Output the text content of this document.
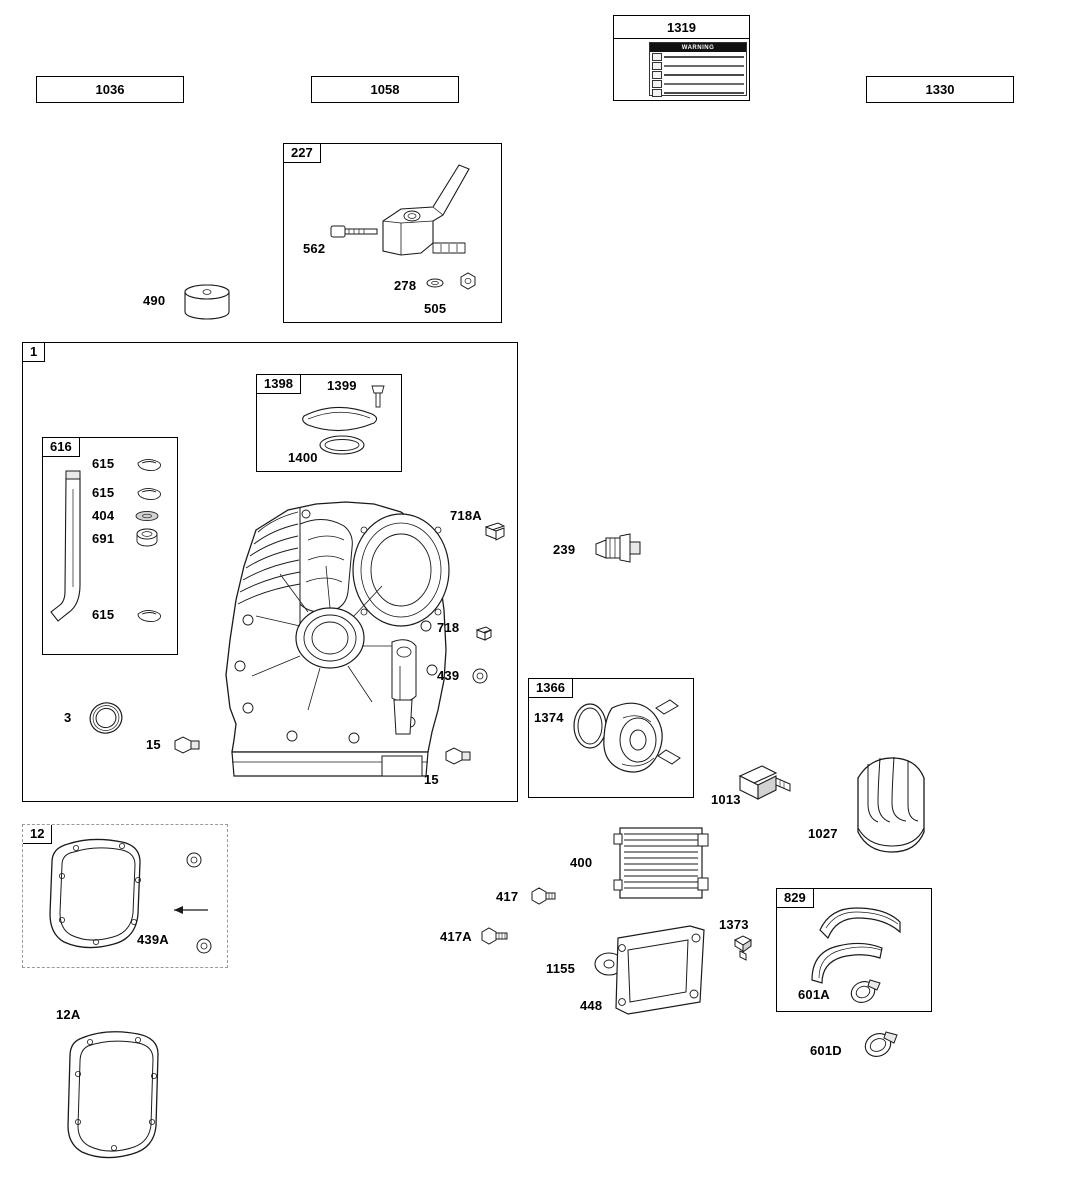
1036	1058	1330
1319
WARNING
227
562
278
505
490
1
1398	1399
1400
616
615
615
404
691
615
718A
239
718
439
3
15
15
1366
1374
1013
1027
400
417
417A
1155
448
1373
829
601A
601D
12
439A
12A
